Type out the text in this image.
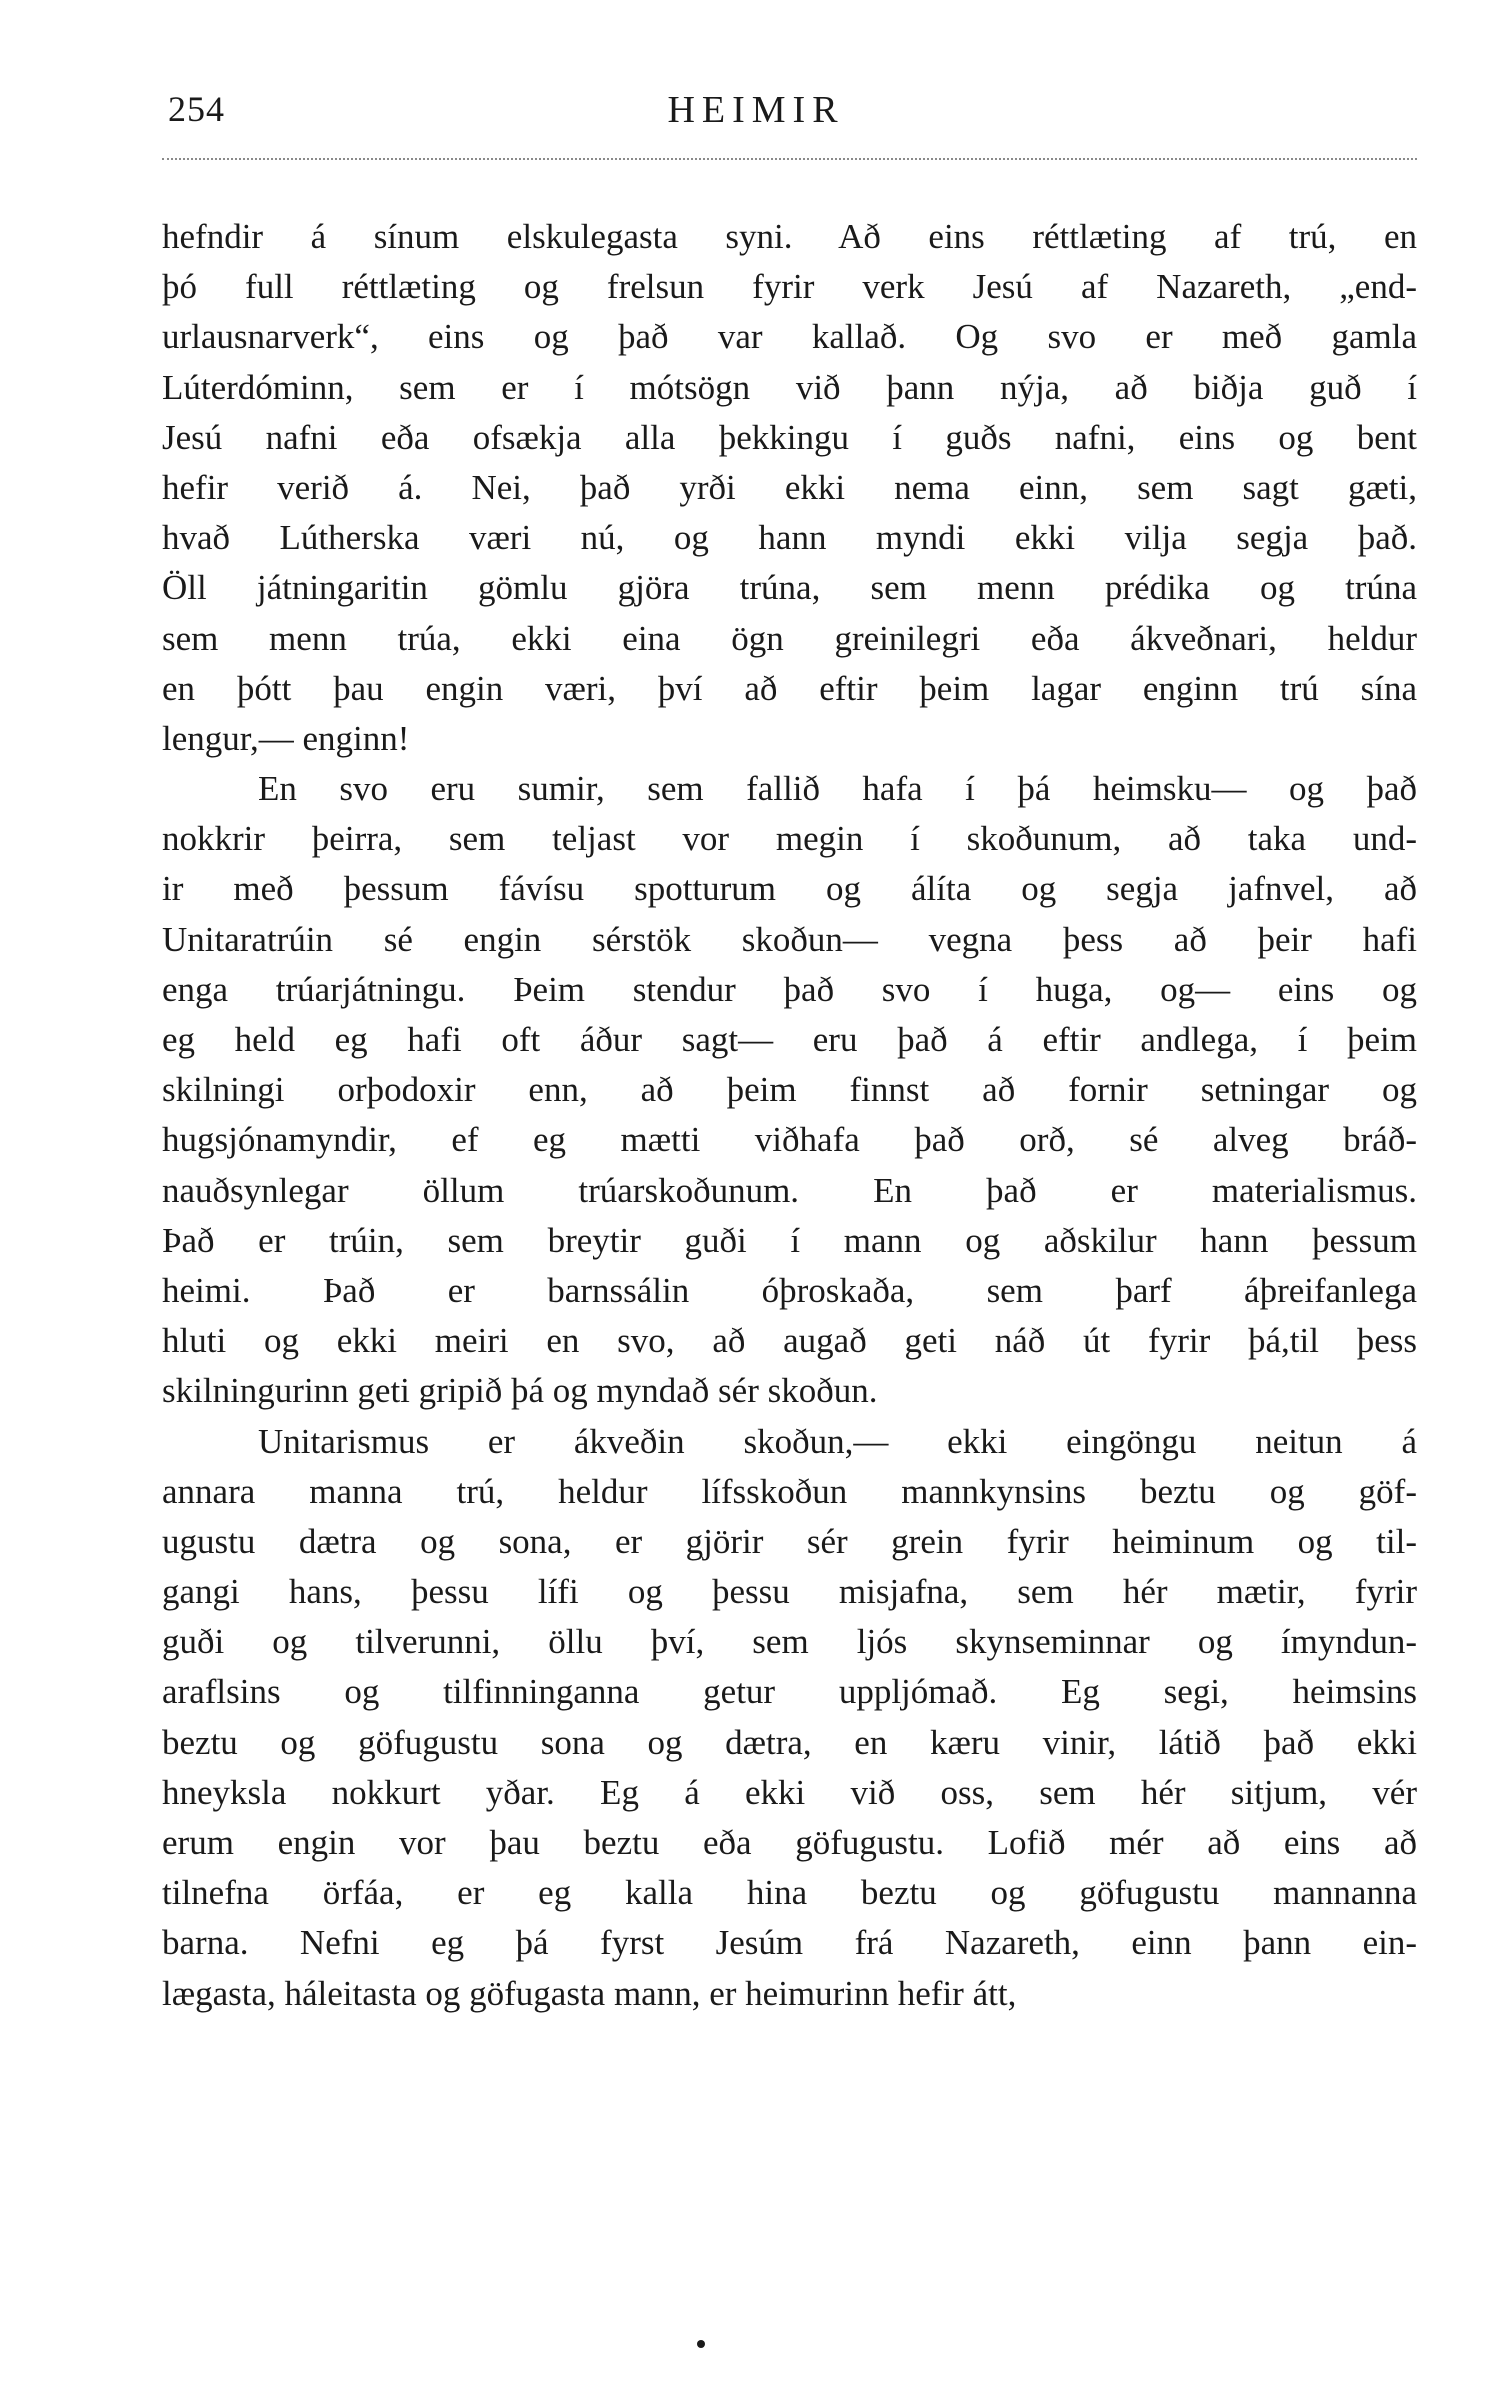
254	HEIMIR
hefndir á sínum elskulegasta syni. Að eins réttlæting af trú, en
þó full réttlæting og frelsun fyrir verk Jesú af Nazareth, „end-
urlausnarverk“, eins og það var kallað. Og svo er með gamla
Lúterdóminn, sem er í mótsögn við þann nýja, að biðja guð í
Jesú nafni eða ofsækja alla þekkingu í guðs nafni, eins og bent
hefir verið á. Nei, það yrði ekki nema einn, sem sagt gæti,
hvað Lútherska væri nú, og hann myndi ekki vilja segja það.
Öll játningaritin gömlu gjöra trúna, sem menn prédika og trúna
sem menn trúa, ekki eina ögn greinilegri eða ákveðnari, heldur
en þótt þau engin væri, því að eftir þeim lagar enginn trú sína
lengur,— enginn!
En svo eru sumir, sem fallið hafa í þá heimsku— og það
nokkrir þeirra, sem teljast vor megin í skoðunum, að taka und-
ir með þessum fávísu spotturum og álíta og segja jafnvel, að
Unitaratrúin sé engin sérstök skoðun— vegna þess að þeir hafi
enga trúarjátningu. Þeim stendur það svo í huga, og— eins og
eg held eg hafi oft áður sagt— eru það á eftir andlega, í þeim
skilningi orþodoxir enn, að þeim finnst að fornir setningar og
hugsjónamyndir, ef eg mætti viðhafa það orð, sé alveg bráð-
nauðsynlegar öllum trúarskoðunum. En það er materialismus.
Það er trúin, sem breytir guði í mann og aðskilur hann þessum
heimi. Það er barnssálin óþroskaða, sem þarf áþreifanlega
hluti og ekki meiri en svo, að augað geti náð út fyrir þá,til þess
skilningurinn geti gripið þá og myndað sér skoðun.
Unitarismus er ákveðin skoðun,— ekki eingöngu neitun á
annara manna trú, heldur lífsskoðun mannkynsins beztu og göf-
ugustu dætra og sona, er gjörir sér grein fyrir heiminum og til-
gangi hans, þessu lífi og þessu misjafna, sem hér mætir, fyrir
guði og tilverunni, öllu því, sem ljós skynseminnar og ímyndun-
araflsins og tilfinninganna getur uppljómað. Eg segi, heimsins
beztu og göfugustu sona og dætra, en kæru vinir, látið það ekki
hneyksla nokkurt yðar. Eg á ekki við oss, sem hér sitjum, vér
erum engin vor þau beztu eða göfugustu. Lofið mér að eins að
tilnefna örfáa, er eg kalla hina beztu og göfugustu mannanna
barna. Nefni eg þá fyrst Jesúm frá Nazareth, einn þann ein-
lægasta, háleitasta og göfugasta mann, er heimurinn hefir átt,
